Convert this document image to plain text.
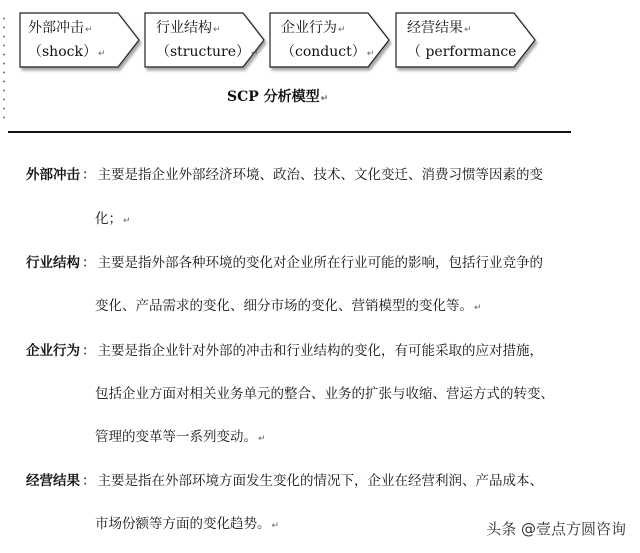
外部冲击↵
（shock）↵
行业结构↵
（structure）↵
企业行为↵
（conduct）↵
经营结果↵
（ performance
SCP 分析模型↵
外部冲击 ： 主要是指企业外部经济环境、政治、技术、文化变迁、消费习惯等因素的变
化；↵
行业结构 ： 主要是指外部各种环境的变化对企业所在行业可能的影响，包括行业竞争的
变化、产品需求的变化、细分市场的变化、营销模型的变化等。↵
企业行为 ： 主要是指企业针对外部的冲击和行业结构的变化，有可能采取的应对措施，
包括企业方面对相关业务单元的整合、业务的扩张与收缩、营运方式的转变、
管理的变革等一系列变动。↵
经营结果 ： 主要是指在外部环境方面发生变化的情况下，企业在经营利润、产品成本、
市场份额等方面的变化趋势。↵	头条 @壹点方圆咨询
